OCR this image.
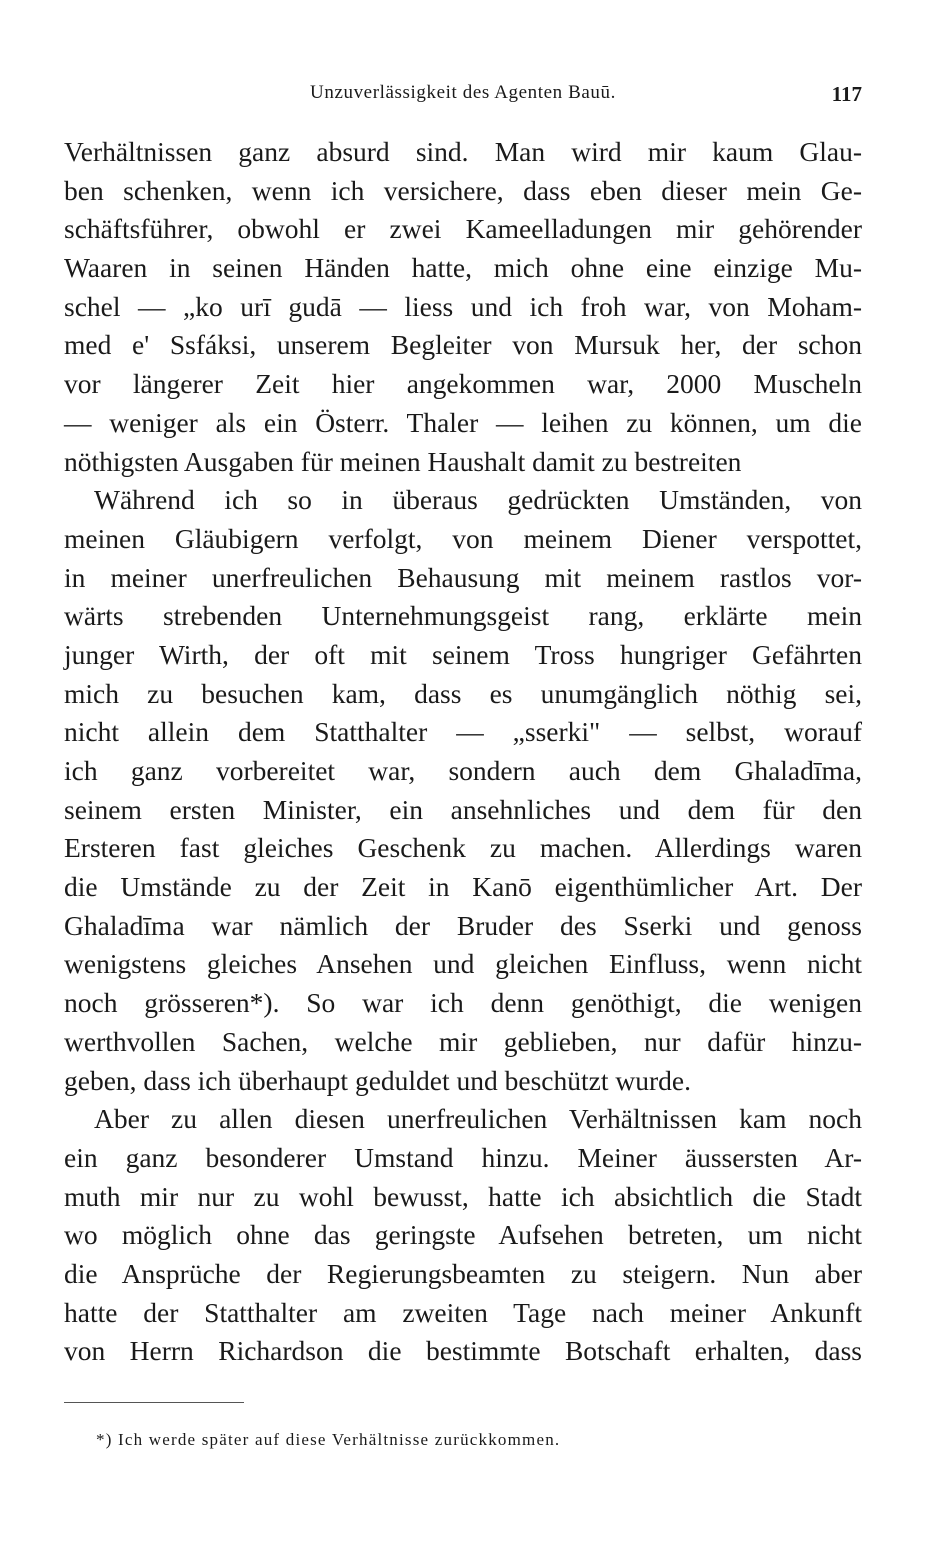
Unzuverlässigkeit des Agenten Bauū.	117
Verhältnissen ganz absurd sind. Man wird mir kaum Glau-
ben schenken, wenn ich versichere, dass eben dieser mein Ge-
schäftsführer, obwohl er zwei Kameelladungen mir gehörender
Waaren in seinen Händen hatte, mich ohne eine einzige Mu-
schel — „ko urī gudā — liess und ich froh war, von Moham-
med e' Ssfáksi, unserem Begleiter von Mursuk her, der schon
vor längerer Zeit hier angekommen war, 2000 Muscheln
— weniger als ein Österr. Thaler — leihen zu können, um die
nöthigsten Ausgaben für meinen Haushalt damit zu bestreiten
Während ich so in überaus gedrückten Umständen, von
meinen Gläubigern verfolgt, von meinem Diener verspottet,
in meiner unerfreulichen Behausung mit meinem rastlos vor-
wärts strebenden Unternehmungsgeist rang, erklärte mein
junger Wirth, der oft mit seinem Tross hungriger Gefährten
mich zu besuchen kam, dass es unumgänglich nöthig sei,
nicht allein dem Statthalter — „sserki" — selbst, worauf
ich ganz vorbereitet war, sondern auch dem Ghaladīma,
seinem ersten Minister, ein ansehnliches und dem für den
Ersteren fast gleiches Geschenk zu machen. Allerdings waren
die Umstände zu der Zeit in Kanō eigenthümlicher Art. Der
Ghaladīma war nämlich der Bruder des Sserki und genoss
wenigstens gleiches Ansehen und gleichen Einfluss, wenn nicht
noch grösseren*). So war ich denn genöthigt, die wenigen
werthvollen Sachen, welche mir geblieben, nur dafür hinzu-
geben, dass ich überhaupt geduldet und beschützt wurde.
Aber zu allen diesen unerfreulichen Verhältnissen kam noch
ein ganz besonderer Umstand hinzu. Meiner äussersten Ar-
muth mir nur zu wohl bewusst, hatte ich absichtlich die Stadt
wo möglich ohne das geringste Aufsehen betreten, um nicht
die Ansprüche der Regierungsbeamten zu steigern. Nun aber
hatte der Statthalter am zweiten Tage nach meiner Ankunft
von Herrn Richardson die bestimmte Botschaft erhalten, dass
*) Ich werde später auf diese Verhältnisse zurückkommen.
